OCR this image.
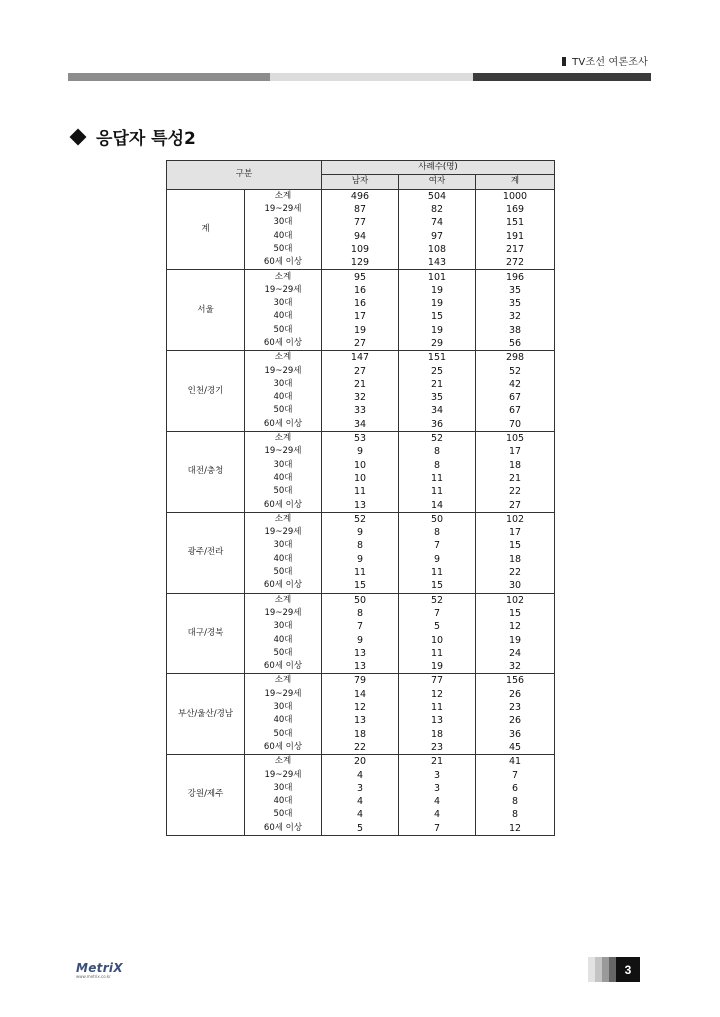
TV조선 여론조사
응답자 특성2
구분		사례수(명)		
		남자	여자	계
계	소계	496	504	1000
	19~29세	87	82	169
	30대	77	74	151
	40대	94	97	191
	50대	109	108	217
	60세 이상	129	143	272
서울	소계	95	101	196
	19~29세	16	19	35
	30대	16	19	35
	40대	17	15	32
	50대	19	19	38
	60세 이상	27	29	56
인천/경기	소계	147	151	298
	19~29세	27	25	52
	30대	21	21	42
	40대	32	35	67
	50대	33	34	67
	60세 이상	34	36	70
대전/충청	소계	53	52	105
	19~29세	9	8	17
	30대	10	8	18
	40대	10	11	21
	50대	11	11	22
	60세 이상	13	14	27
광주/전라	소계	52	50	102
	19~29세	9	8	17
	30대	8	7	15
	40대	9	9	18
	50대	11	11	22
	60세 이상	15	15	30
대구/경북	소계	50	52	102
	19~29세	8	7	15
	30대	7	5	12
	40대	9	10	19
	50대	13	11	24
	60세 이상	13	19	32
부산/울산/경남	소계	79	77	156
	19~29세	14	12	26
	30대	12	11	23
	40대	13	13	26
	50대	18	18	36
	60세 이상	22	23	45
강원/제주	소계	20	21	41
	19~29세	4	3	7
	30대	3	3	6
	40대	4	4	8
	50대	4	4	8
	60세 이상	5	7	12
MetriX
www.metrix.co.kr	3
